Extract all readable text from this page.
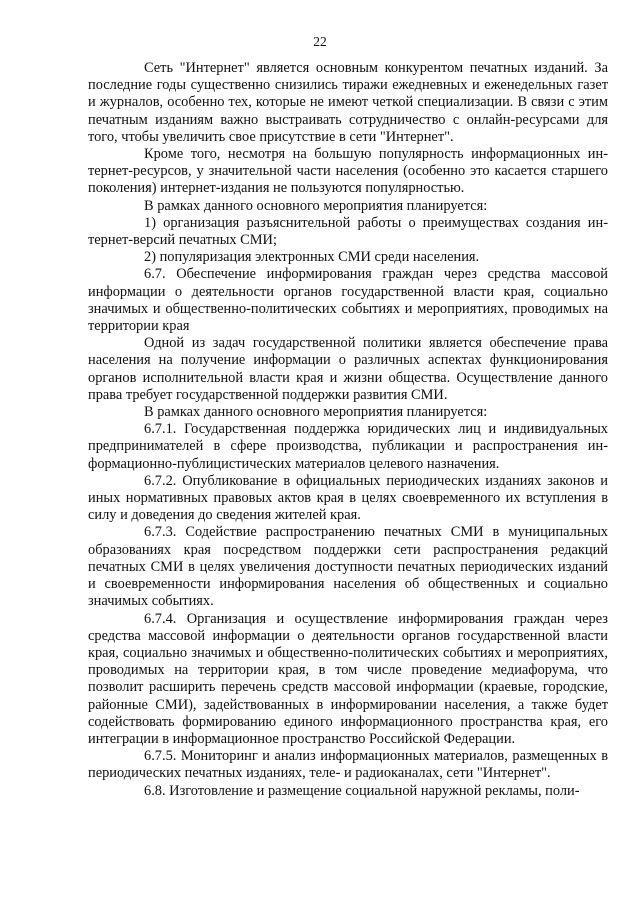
22

Сеть "Интернет" является основным конкурентом печатных изданий. За последние годы существенно снизились тиражи ежедневных и еженедельных газет и журналов, особенно тех, которые не имеют четкой специализации. В связи с этим печатным изданиям важно выстраивать сотрудничество с онлайн-ресурсами для того, чтобы увеличить свое присутствие в сети "Интернет".

Кроме того, несмотря на большую популярность информационных интернет-ресурсов, у значительной части населения (особенно это касается старшего поколения) интернет-издания не пользуются популярностью.

В рамках данного основного мероприятия планируется:

1) организация разъяснительной работы о преимуществах создания интернет-версий печатных СМИ;

2) популяризация электронных СМИ среди населения.

6.7. Обеспечение информирования граждан через средства массовой информации о деятельности органов государственной власти края, социально значимых и общественно-политических событиях и мероприятиях, проводимых на территории края

Одной из задач государственной политики является обеспечение права населения на получение информации о различных аспектах функционирования органов исполнительной власти края и жизни общества. Осуществление данного права требует государственной поддержки развития СМИ.

В рамках данного основного мероприятия планируется:

6.7.1. Государственная поддержка юридических лиц и индивидуальных предпринимателей в сфере производства, публикации и распространения информационно-публицистических материалов целевого назначения.

6.7.2. Опубликование в официальных периодических изданиях законов и иных нормативных правовых актов края в целях своевременного их вступления в силу и доведения до сведения жителей края.

6.7.3. Содействие распространению печатных СМИ в муниципальных образованиях края посредством поддержки сети распространения редакций печатных СМИ в целях увеличения доступности печатных периодических изданий и своевременности информирования населения об общественных и социально значимых событиях.

6.7.4. Организация и осуществление информирования граждан через средства массовой информации о деятельности органов государственной власти края, социально значимых и общественно-политических событиях и мероприятиях, проводимых на территории края, в том числе проведение медиафорума, что позволит расширить перечень средств массовой информации (краевые, городские, районные СМИ), задействованных в информировании населения, а также будет содействовать формированию единого информационного пространства края, его интеграции в информационное пространство Российской Федерации.

6.7.5. Мониторинг и анализ информационных материалов, размещенных в периодических печатных изданиях, теле- и радиоканалах, сети "Интернет".

6.8. Изготовление и размещение социальной наружной рекламы, поли-
